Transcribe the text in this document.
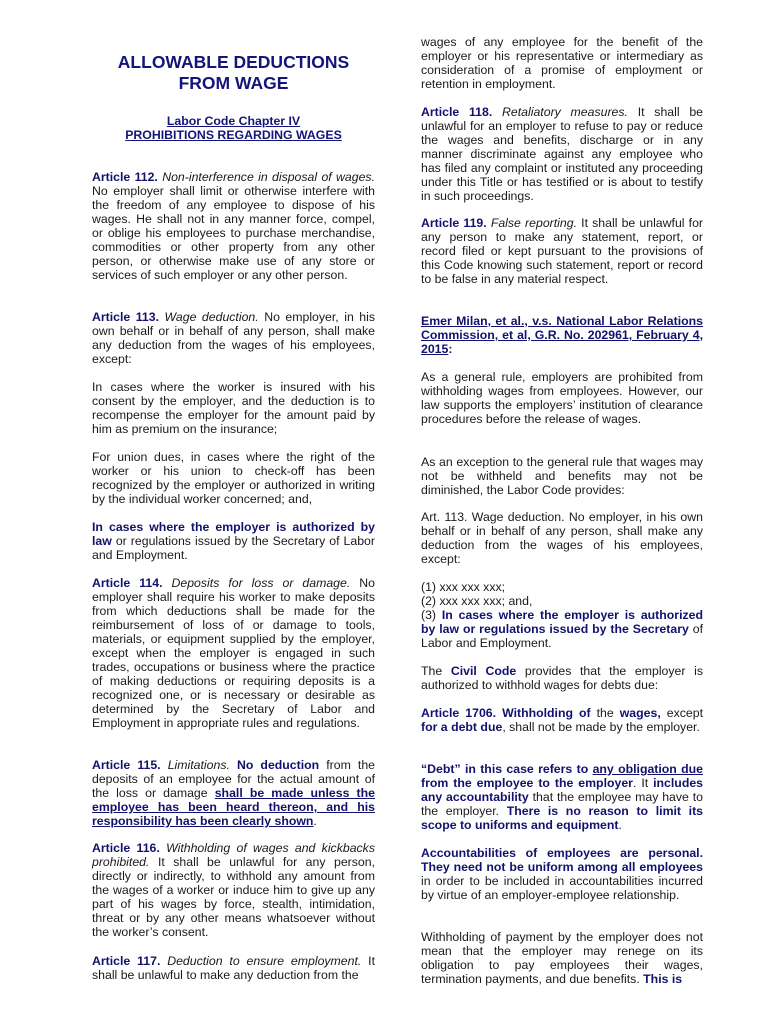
ALLOWABLE DEDUCTIONS FROM WAGE
Labor Code Chapter IV
PROHIBITIONS REGARDING WAGES

Article 112. Non-interference in disposal of wages. No employer shall limit or otherwise interfere with the freedom of any employee to dispose of his wages. He shall not in any manner force, compel, or oblige his employees to purchase merchandise, commodities or other property from any other person, or otherwise make use of any store or services of such employer or any other person.

Article 113. Wage deduction. No employer, in his own behalf or in behalf of any person, shall make any deduction from the wages of his employees, except:

In cases where the worker is insured with his consent by the employer, and the deduction is to recompense the employer for the amount paid by him as premium on the insurance;

For union dues, in cases where the right of the worker or his union to check-off has been recognized by the employer or authorized in writing by the individual worker concerned; and,

In cases where the employer is authorized by law or regulations issued by the Secretary of Labor and Employment.

Article 114. Deposits for loss or damage. No employer shall require his worker to make deposits from which deductions shall be made for the reimbursement of loss of or damage to tools, materials, or equipment supplied by the employer, except when the employer is engaged in such trades, occupations or business where the practice of making deductions or requiring deposits is a recognized one, or is necessary or desirable as determined by the Secretary of Labor and Employment in appropriate rules and regulations.

Article 115. Limitations. No deduction from the deposits of an employee for the actual amount of the loss or damage shall be made unless the employee has been heard thereon, and his responsibility has been clearly shown.

Article 116. Withholding of wages and kickbacks prohibited. It shall be unlawful for any person, directly or indirectly, to withhold any amount from the wages of a worker or induce him to give up any part of his wages by force, stealth, intimidation, threat or by any other means whatsoever without the worker’s consent.

Article 117. Deduction to ensure employment. It shall be unlawful to make any deduction from the

wages of any employee for the benefit of the employer or his representative or intermediary as consideration of a promise of employment or retention in employment.

Article 118. Retaliatory measures. It shall be unlawful for an employer to refuse to pay or reduce the wages and benefits, discharge or in any manner discriminate against any employee who has filed any complaint or instituted any proceeding under this Title or has testified or is about to testify in such proceedings.

Article 119. False reporting. It shall be unlawful for any person to make any statement, report, or record filed or kept pursuant to the provisions of this Code knowing such statement, report or record to be false in any material respect.

Emer Milan, et al., v.s. National Labor Relations Commission, et al, G.R. No. 202961, February 4, 2015:

As a general rule, employers are prohibited from withholding wages from employees. However, our law supports the employers’ institution of clearance procedures before the release of wages.

As an exception to the general rule that wages may not be withheld and benefits may not be diminished, the Labor Code provides:

Art. 113. Wage deduction. No employer, in his own behalf or in behalf of any person, shall make any deduction from the wages of his employees, except:

(1) xxx xxx xxx;
(2) xxx xxx xxx; and,
(3) In cases where the employer is authorized by law or regulations issued by the Secretary of Labor and Employment.

The Civil Code provides that the employer is authorized to withhold wages for debts due:

Article 1706. Withholding of the wages, except for a debt due, shall not be made by the employer.

“Debt” in this case refers to any obligation due from the employee to the employer. It includes any accountability that the employee may have to the employer. There is no reason to limit its scope to uniforms and equipment.

Accountabilities of employees are personal. They need not be uniform among all employees in order to be included in accountabilities incurred by virtue of an employer-employee relationship.

Withholding of payment by the employer does not mean that the employer may renege on its obligation to pay employees their wages, termination payments, and due benefits. This is
